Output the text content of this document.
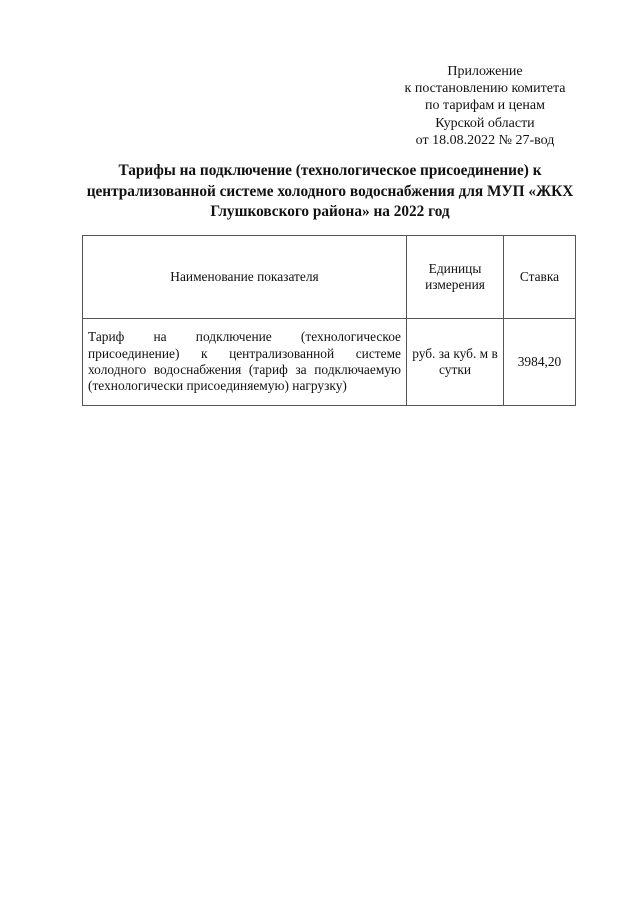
Приложение
к постановлению комитета
по тарифам и ценам
Курской области
от 18.08.2022 № 27-вод
Тарифы на подключение (технологическое присоединение) к
централизованной системе холодного водоснабжения для МУП «ЖКХ
Глушковского района» на 2022 год
Наименование показателя	Единицы измерения	Ставка
Тариф на подключение (технологическое присоединение) к централизованной системе холодного водоснабжения (тариф за подключаемую (технологически присоединяемую) нагрузку)	руб. за куб. м в сутки	3984,20
